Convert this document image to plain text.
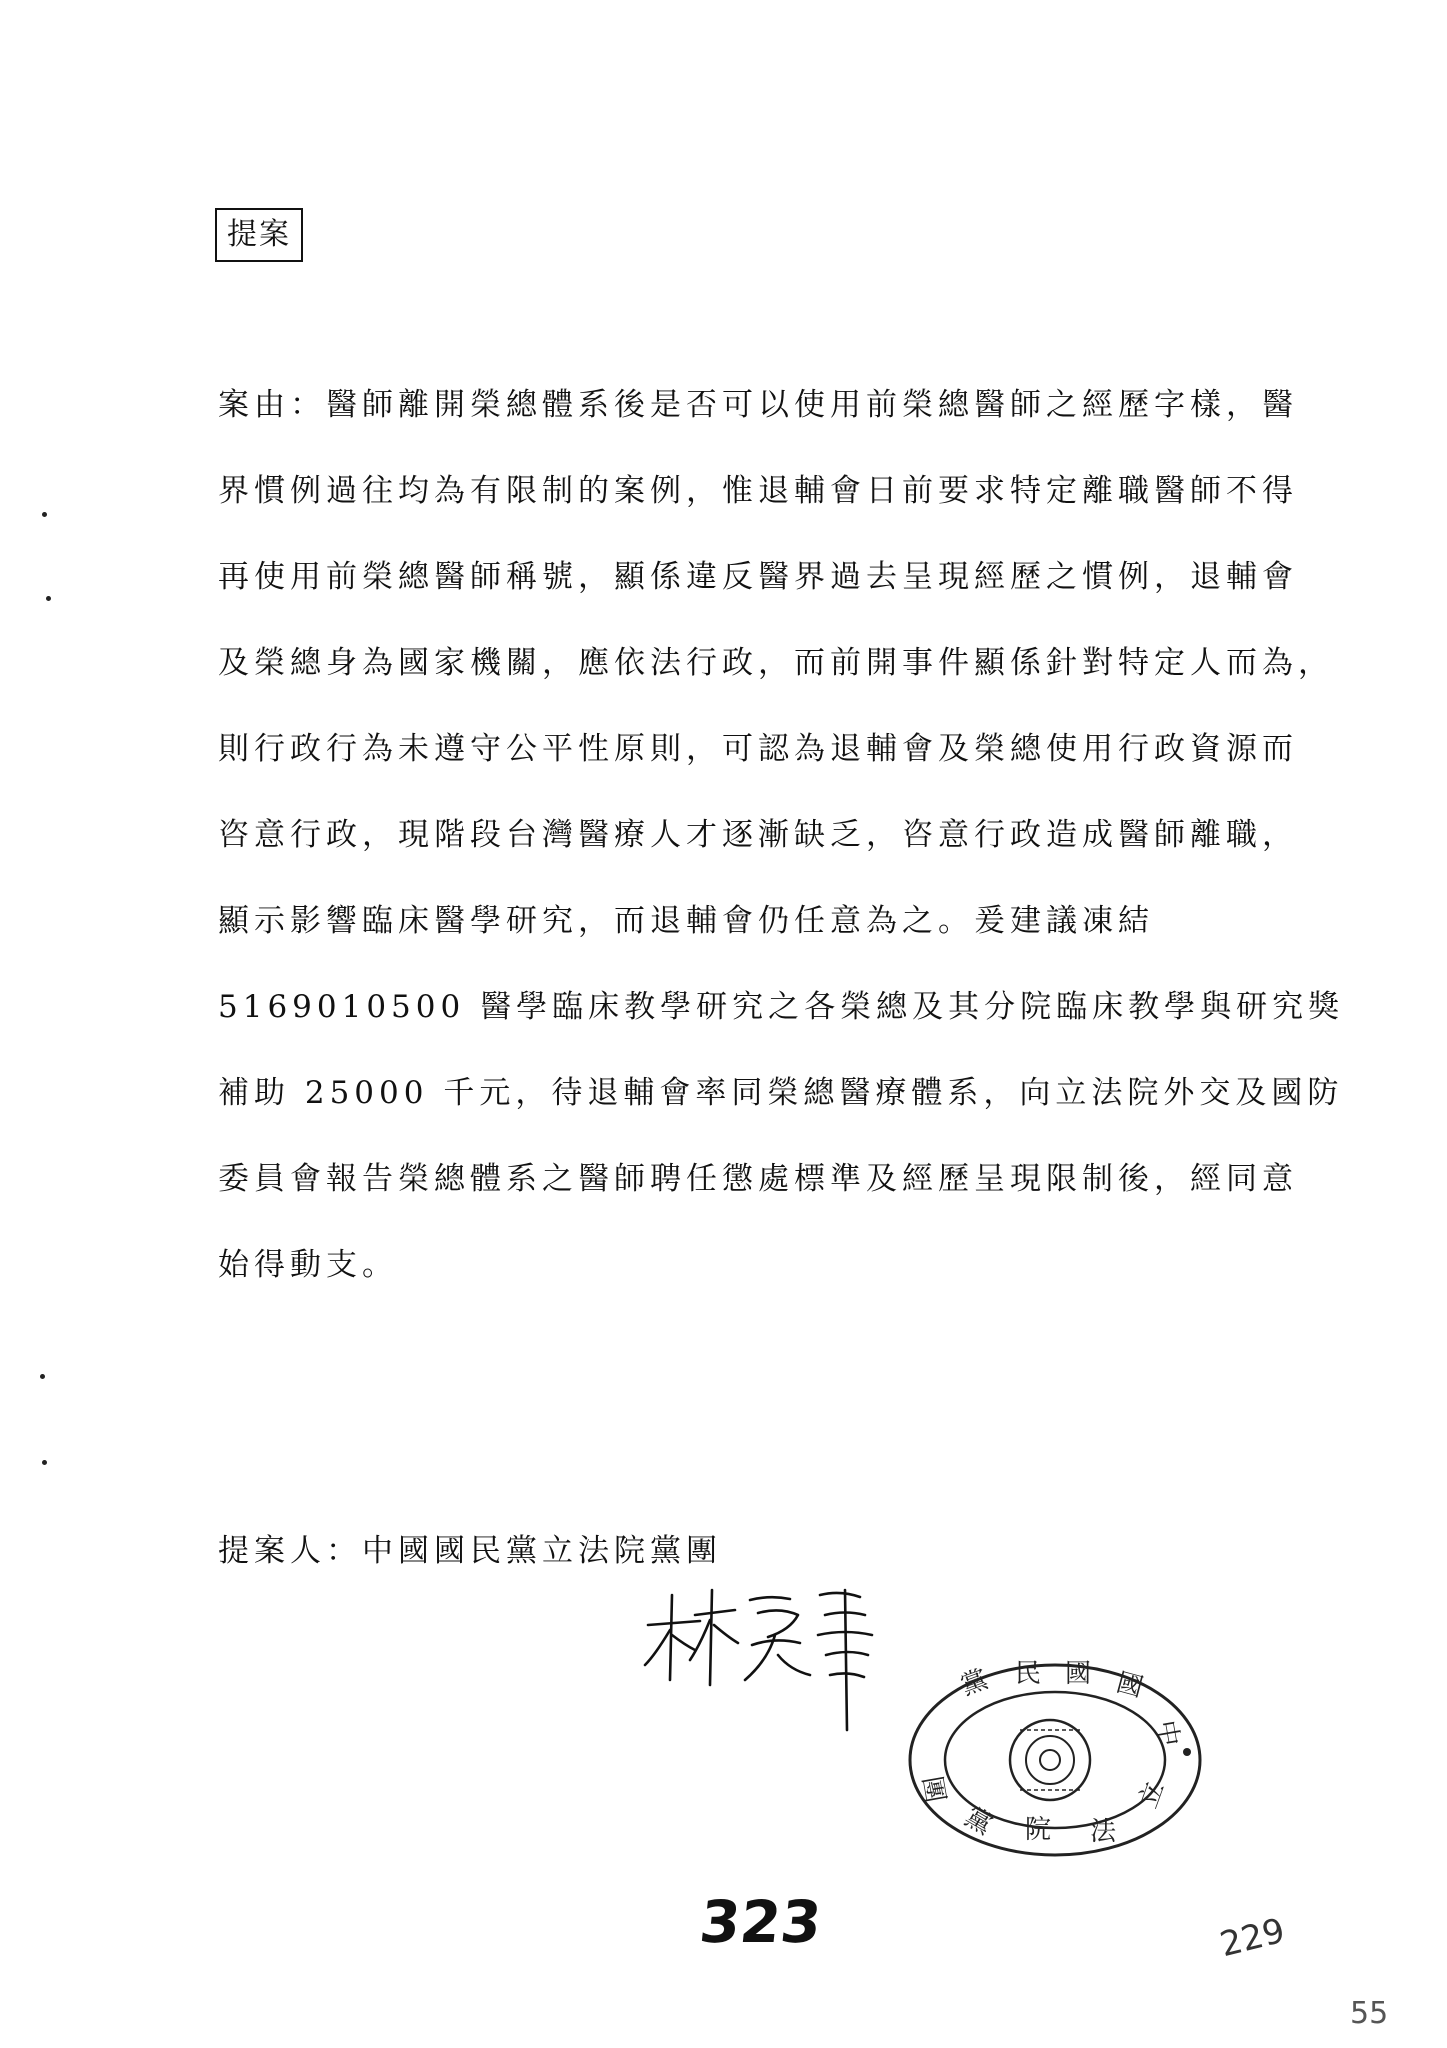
提案
案由：醫師離開榮總體系後是否可以使用前榮總醫師之經歷字樣，醫
界慣例過往均為有限制的案例，惟退輔會日前要求特定離職醫師不得
再使用前榮總醫師稱號，顯係違反醫界過去呈現經歷之慣例，退輔會
及榮總身為國家機關，應依法行政，而前開事件顯係針對特定人而為，
則行政行為未遵守公平性原則，可認為退輔會及榮總使用行政資源而
咨意行政，現階段台灣醫療人才逐漸缺乏，咨意行政造成醫師離職，
顯示影響臨床醫學研究，而退輔會仍任意為之。爰建議凍結
5169010500 醫學臨床教學研究之各榮總及其分院臨床教學與研究獎
補助 25000 千元，待退輔會率同榮總醫療體系，向立法院外交及國防
委員會報告榮總體系之醫師聘任懲處標準及經歷呈現限制後，經同意
始得動支。
提案人：中國國民黨立法院黨團
黨 民 國 國
中
立
法
院
黨
團
323	229
55
